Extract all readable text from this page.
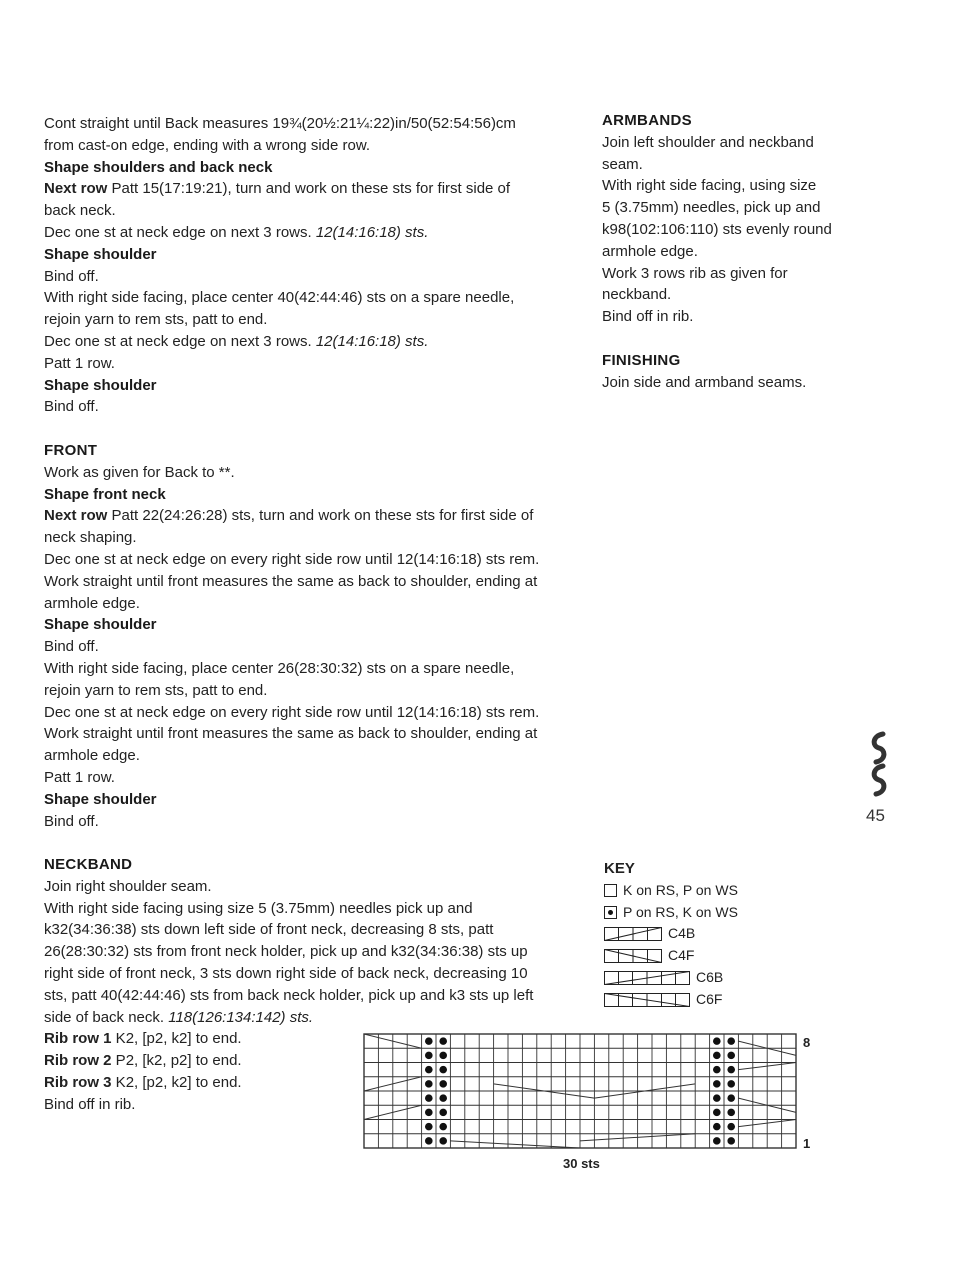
Cont straight until Back measures 19¾(20½:21¼:22)in/50(52:54:56)cm

from cast-on edge, ending with a wrong side row.

Shape shoulders and back neck

Next row Patt 15(17:19:21), turn and work on these sts for first side of

back neck.

Dec one st at neck edge on next 3 rows. 12(14:16:18) sts.

Shape shoulder

Bind off.

With right side facing, place center 40(42:44:46) sts on a spare needle,

rejoin yarn to rem sts, patt to end.

Dec one st at neck edge on next 3 rows. 12(14:16:18) sts.

Patt 1 row.

Shape shoulder

Bind off.

FRONT

Work as given for Back to **.

Shape front neck

Next row Patt 22(24:26:28) sts, turn and work on these sts for first side of

neck shaping.

Dec one st at neck edge on every right side row until 12(14:16:18) sts rem.

Work straight until front measures the same as back to shoulder, ending at

armhole edge.

Shape shoulder

Bind off.

With right side facing, place center 26(28:30:32) sts on a spare needle,

rejoin yarn to rem sts, patt to end.

Dec one st at neck edge on every right side row until 12(14:16:18) sts rem.

Work straight until front measures the same as back to shoulder, ending at

armhole edge.

Patt 1 row.

Shape shoulder

Bind off.

NECKBAND

Join right shoulder seam.

With right side facing using size 5 (3.75mm) needles pick up and

k32(34:36:38) sts down left side of front neck, decreasing 8 sts, patt

26(28:30:32) sts from front neck holder, pick up and k32(34:36:38) sts up

right side of front neck, 3 sts down right side of back neck, decreasing 10

sts, patt 40(42:44:46) sts from back neck holder, pick up and k3 sts up left

side of back neck. 118(126:134:142) sts.

Rib row 1 K2, [p2, k2] to end.

Rib row 2 P2, [k2, p2] to end.

Rib row 3 K2, [p2, k2] to end.

Bind off in rib.

ARMBANDS

Join left shoulder and neckband

seam.

With right side facing, using size

5 (3.75mm) needles, pick up and

k98(102:106:110) sts evenly round

armhole edge.

Work 3 rows rib as given for

neckband.

Bind off in rib.

FINISHING

Join side and armband seams.

45
KEY
K on RS, P on WS
P on RS, K on WS
C4B
C4F
C6B
C6F
8
1
30 sts
